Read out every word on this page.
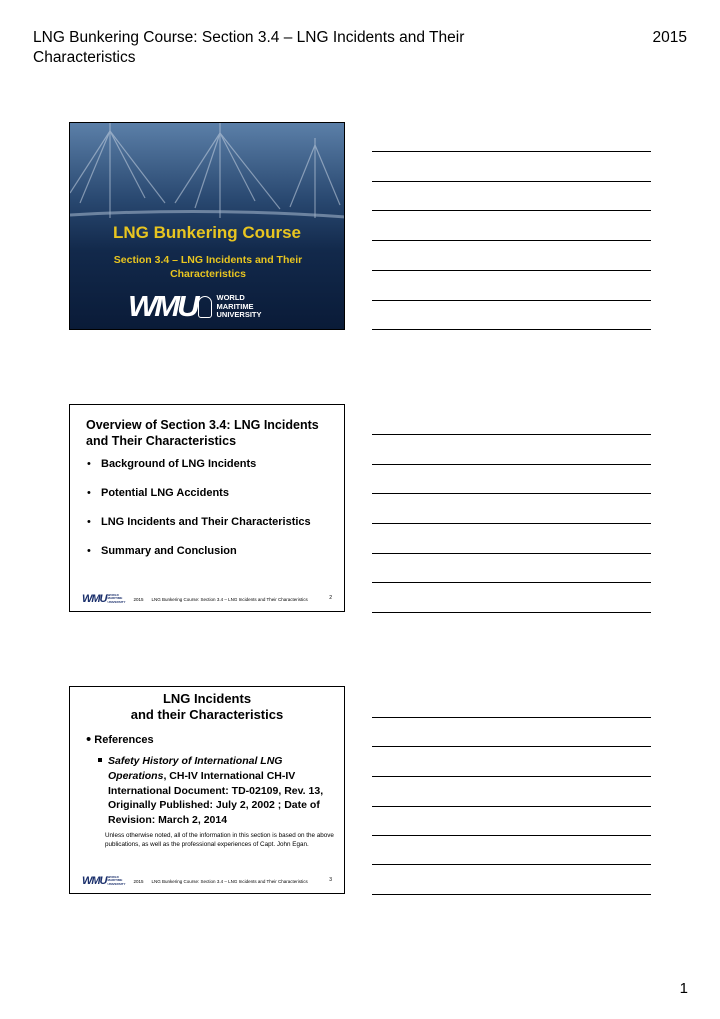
LNG Bunkering Course: Section 3.4 – LNG Incidents and Their Characteristics
2015
LNG Bunkering Course
Section 3.4 – LNG Incidents and Their Characteristics
WMU	WORLD
MARITIME
UNIVERSITY
Overview of Section 3.4: LNG Incidents and Their Characteristics
• Background of LNG Incidents
• Potential LNG Accidents
• LNG Incidents and Their Characteristics
• Summary and Conclusion
WMU WORLD
MARITIME
UNIVERSITY
2015 LNG Bunkering Course: Section 3.4 – LNG Incidents and Their Characteristics	2
LNG Incidents
and their Characteristics
• References
Safety History of International LNG Operations, CH-IV International CH-IV International Document: TD-02109, Rev. 13, Originally Published: July 2, 2002 ; Date of Revision: March 2, 2014
Unless otherwise noted, all of the information in this section is based on the above publications, as well as the professional experiences of Capt. John Egan.
WMU WORLD
MARITIME
UNIVERSITY
2015 LNG Bunkering Course: Section 3.4 – LNG Incidents and Their Characteristics	3
1
